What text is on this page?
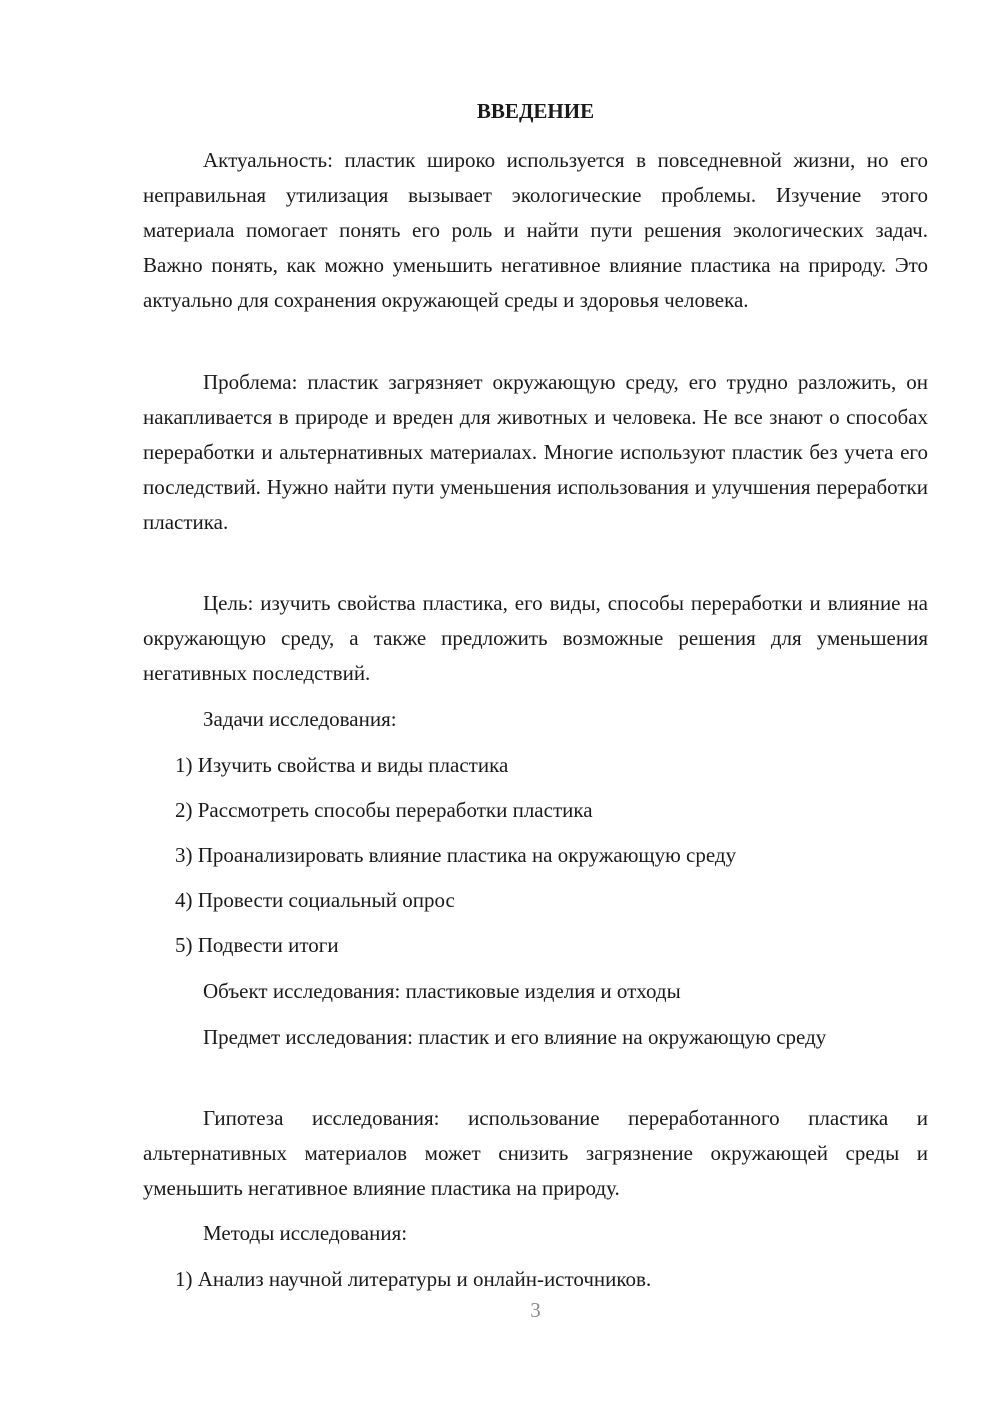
ВВЕДЕНИЕ
Актуальность: пластик широко используется в повседневной жизни, но его неправильная утилизация вызывает экологические проблемы. Изучение этого материала помогает понять его роль и найти пути решения экологических задач. Важно понять, как можно уменьшить негативное влияние пластика на природу. Это актуально для сохранения окружающей среды и здоровья человека.
Проблема: пластик загрязняет окружающую среду, его трудно разложить, он накапливается в природе и вреден для животных и человека. Не все знают о способах переработки и альтернативных материалах. Многие используют пластик без учета его последствий. Нужно найти пути уменьшения использования и улучшения переработки пластика.
Цель: изучить свойства пластика, его виды, способы переработки и влияние на окружающую среду, а также предложить возможные решения для уменьшения негативных последствий.
Задачи исследования:
1) Изучить свойства и виды пластика
2) Рассмотреть способы переработки пластика
3) Проанализировать влияние пластика на окружающую среду
4) Провести социальный опрос
5) Подвести итоги
Объект исследования: пластиковые изделия и отходы
Предмет исследования: пластик и его влияние на окружающую среду
Гипотеза исследования: использование переработанного пластика и альтернативных материалов может снизить загрязнение окружающей среды и уменьшить негативное влияние пластика на природу.
Методы исследования:
1) Анализ научной литературы и онлайн-источников.
3
